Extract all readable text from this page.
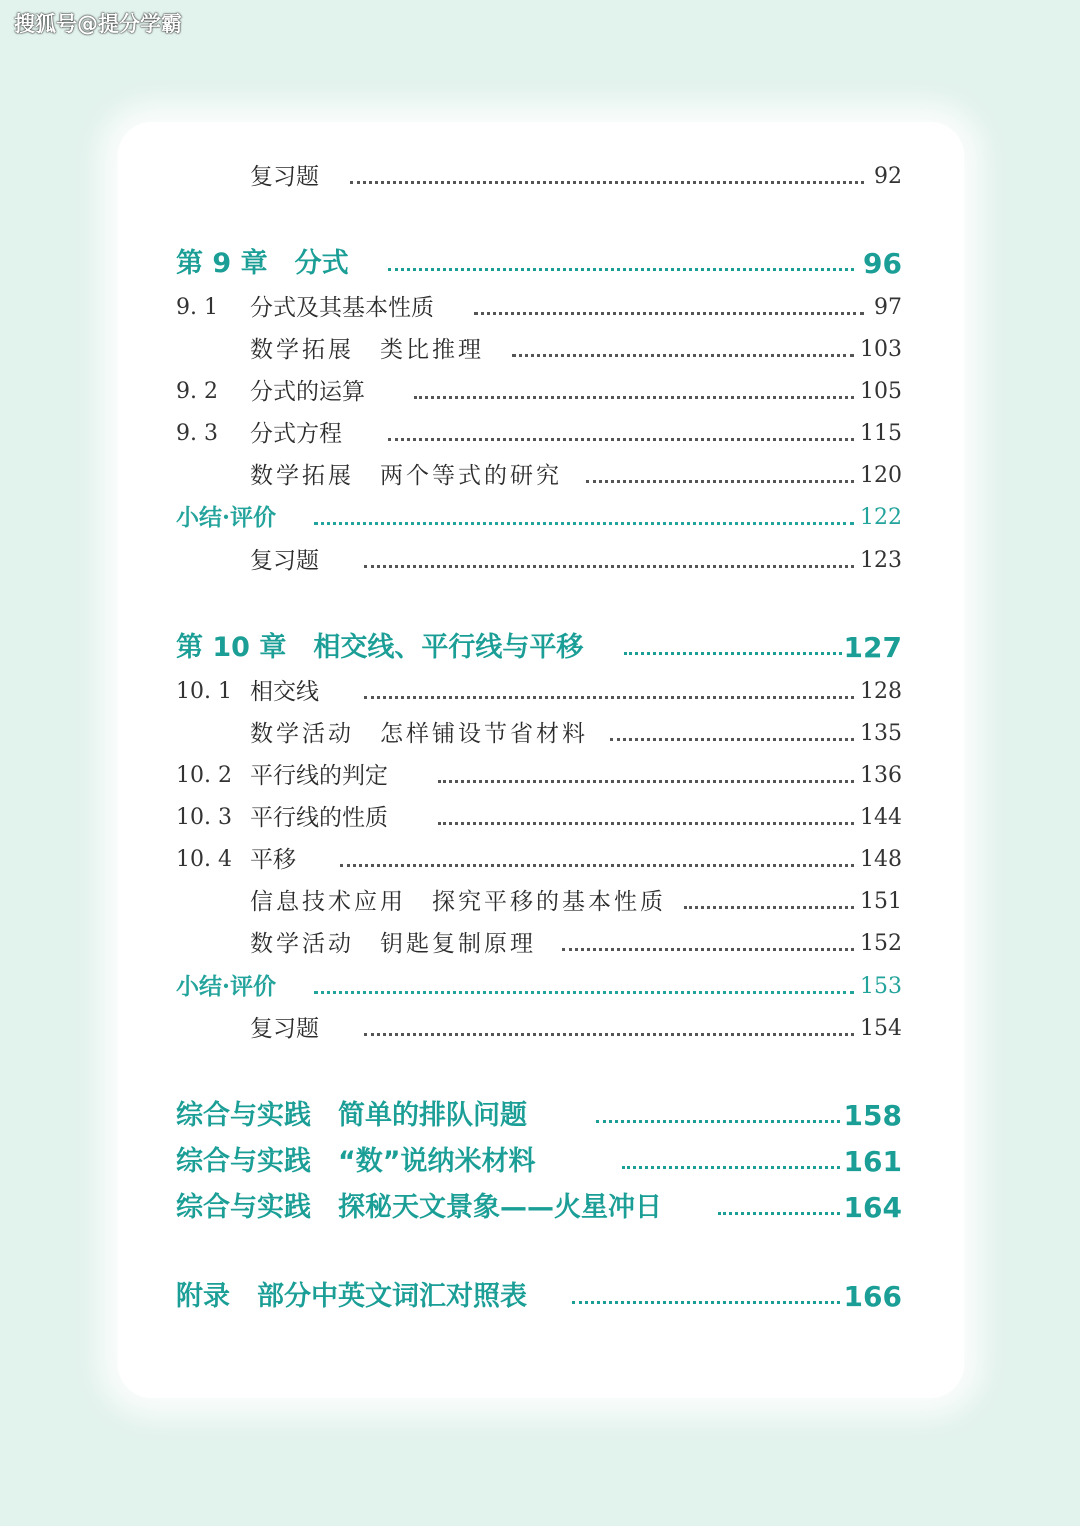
搜狐号@提分学霸
复习题	92
第 9 章　分式	96
9. 1 分式及其基本性质	97
数学拓展　类比推理	103
9. 2 分式的运算	105
9. 3 分式方程	115
数学拓展　两个等式的研究	120
小结·评价	122
复习题	123
第 10 章　相交线、平行线与平移	127
10. 1 相交线	128
数学活动　怎样铺设节省材料	135
10. 2 平行线的判定	136
10. 3 平行线的性质	144
10. 4 平移	148
信息技术应用　探究平移的基本性质	151
数学活动　钥匙复制原理	152
小结·评价	153
复习题	154
综合与实践　简单的排队问题	158
综合与实践　“数”说纳米材料	161
综合与实践　探秘天文景象——火星冲日	164
附录　部分中英文词汇对照表	166
